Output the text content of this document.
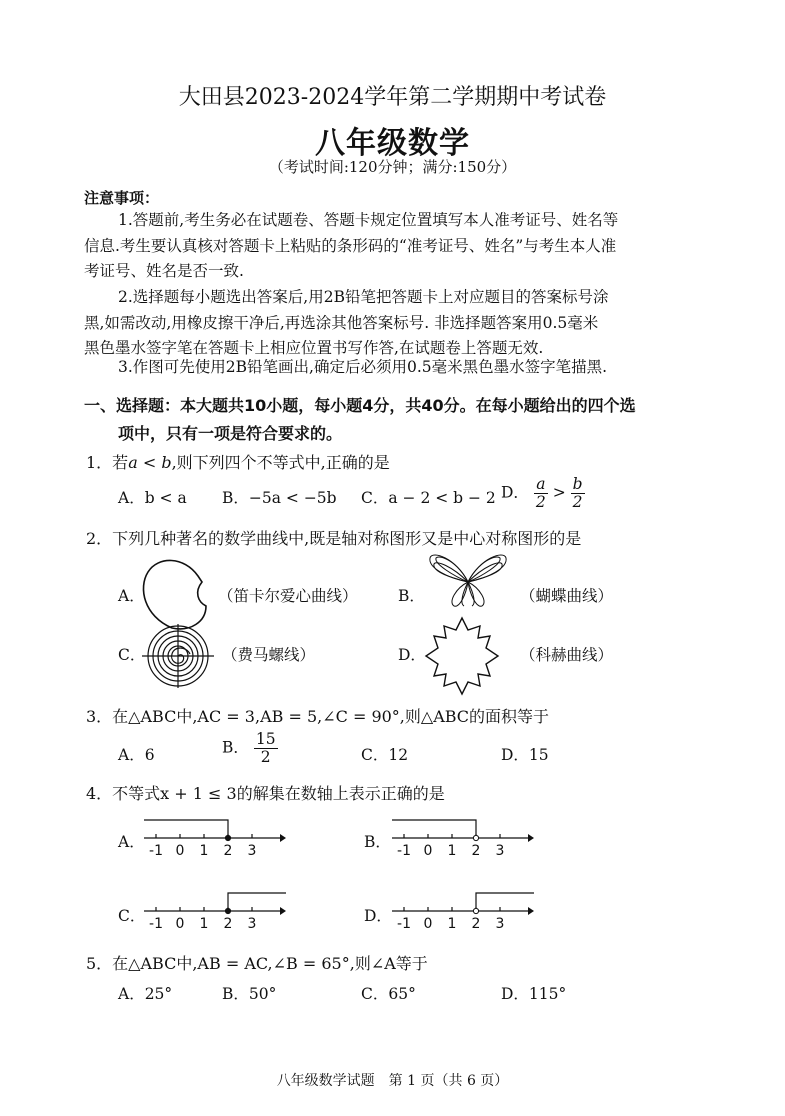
大田县2023-2024学年第二学期期中考试卷
八年级数学
（考试时间:120分钟；满分:150分）
注意事项：
1.答题前,考生务必在试题卷、答题卡规定位置填写本人准考证号、姓名等
信息.考生要认真核对答题卡上粘贴的条形码的“准考证号、姓名”与考生本人准
考证号、姓名是否一致.
2.选择题每小题选出答案后,用2B铅笔把答题卡上对应题目的答案标号涂
黑,如需改动,用橡皮擦干净后,再选涂其他答案标号. 非选择题答案用0.5毫米
黑色墨水签字笔在答题卡上相应位置书写作答,在试题卷上答题无效.
3.作图可先使用2B铅笔画出,确定后必须用0.5毫米黑色墨水签字笔描黑.
一、选择题：本大题共10小题，每小题4分，共40分。在每小题给出的四个选
项中，只有一项是符合要求的。
1．若a < b,则下列四个不等式中,正确的是
A．b < a B．−5a < −5b C．a − 2 < b − 2 D． $\frac{a}{2} > \frac{b}{2}$
2．下列几种著名的数学曲线中,既是轴对称图形又是中心对称图形的是
A．	（笛卡尔爱心曲线）	B．	（蝴蝶曲线）
C．	（费马螺线）	D．	（科赫曲线）
3．在△ABC中,AC = 3,AB = 5,∠C = 90°,则△ABC的面积等于
A．6	B． $\frac{15}{2}$	C．12	D．15
4．不等式x + 1 ≤ 3的解集在数轴上表示正确的是
A． -1 0 1 2 3	B． -1 0 1 2 3
C． -1 0 1 2 3	D． -1 0 1 2 3
5．在△ABC中,AB = AC,∠B = 65°,则∠A等于
A．25°	B．50°	C．65°	D．115°
八年级数学试题　第 1 页（共 6 页）
